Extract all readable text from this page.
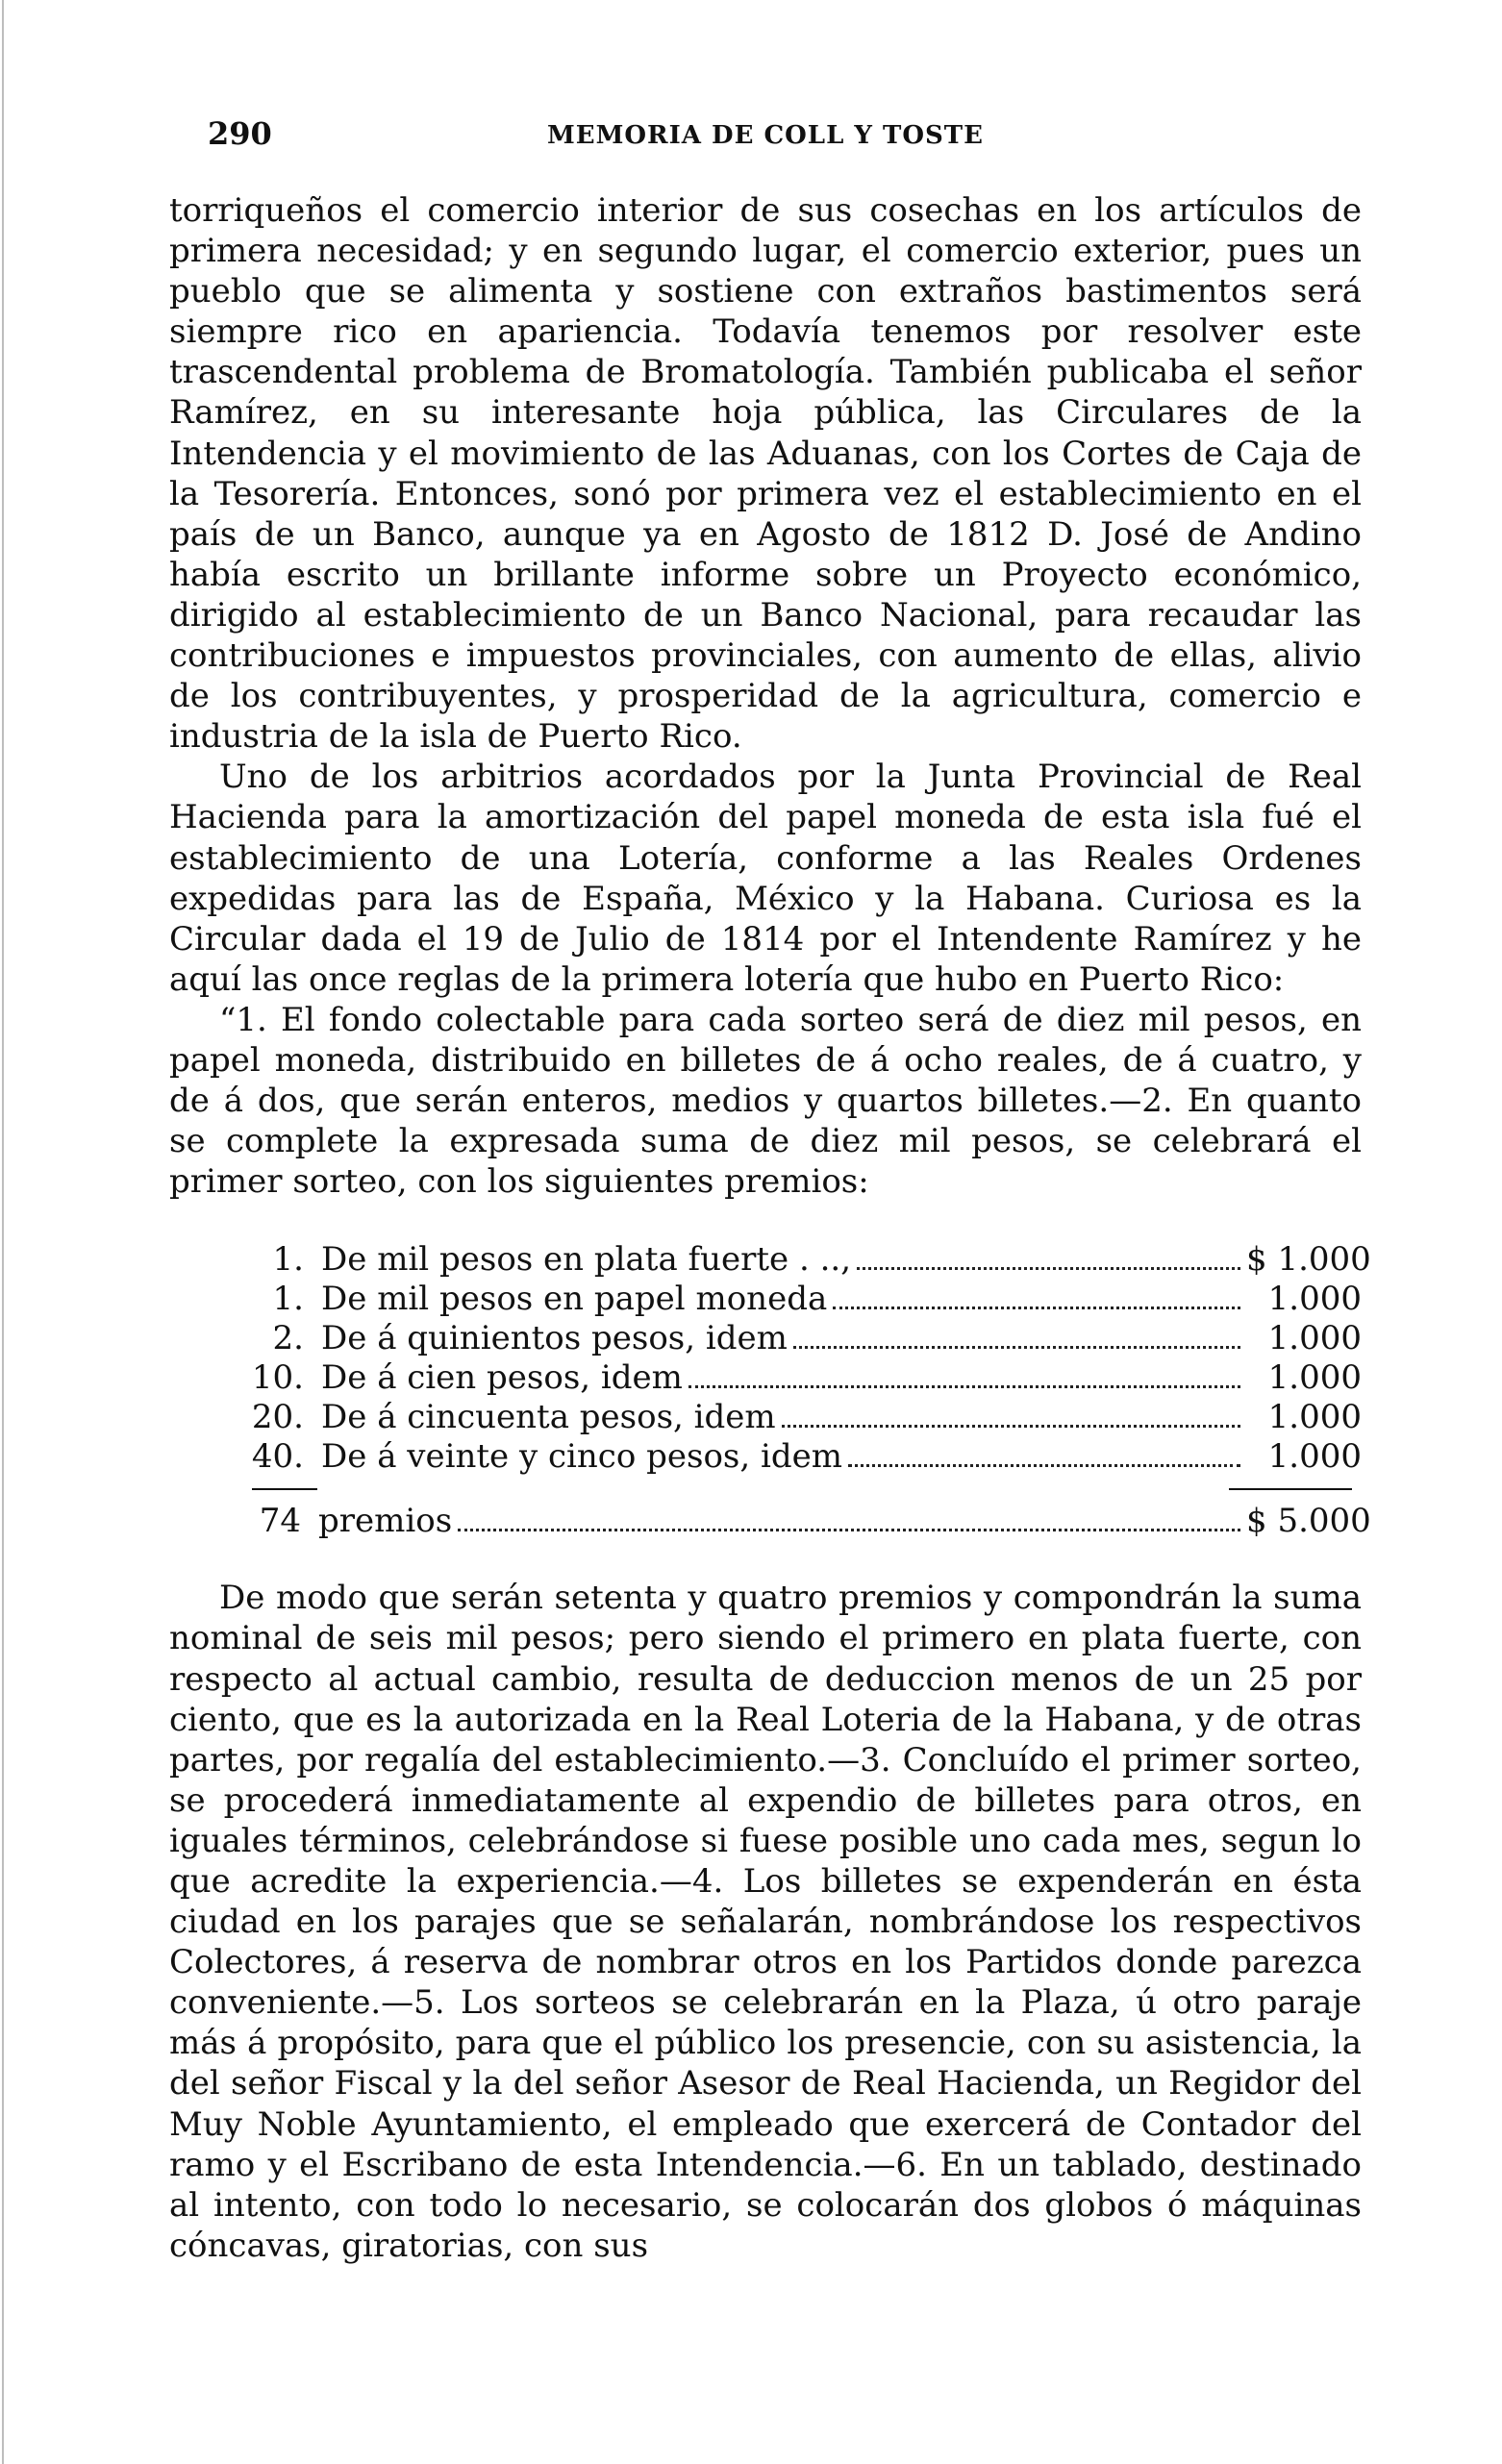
290	MEMORIA DE COLL Y TOSTE

torriqueños el comercio interior de sus cosechas en los artículos de primera necesidad; y en segundo lugar, el comercio exterior, pues un pueblo que se alimenta y sostiene con extraños bastimentos será siempre rico en apariencia. Todavía tenemos por resolver este trascendental problema de Bromatología. También publicaba el señor Ramírez, en su interesante hoja pública, las Circulares de la Intendencia y el movimiento de las Aduanas, con los Cortes de Caja de la Tesorería. Entonces, sonó por primera vez el establecimiento en el país de un Banco, aunque ya en Agosto de 1812 D. José de Andino había escrito un brillante informe sobre un Proyecto económico, dirigido al establecimiento de un Banco Nacional, para recaudar las contribuciones e impuestos provinciales, con aumento de ellas, alivio de los contribuyentes, y prosperidad de la agricultura, comercio e industria de la isla de Puerto Rico.

Uno de los arbitrios acordados por la Junta Provincial de Real Hacienda para la amortización del papel moneda de esta isla fué el establecimiento de una Lotería, conforme a las Reales Ordenes expedidas para las de España, México y la Habana. Curiosa es la Circular dada el 19 de Julio de 1814 por el Intendente Ramírez y he aquí las once reglas de la primera lotería que hubo en Puerto Rico:

“1. El fondo colectable para cada sorteo será de diez mil pesos, en papel moneda, distribuido en billetes de á ocho reales, de á cuatro, y de á dos, que serán enteros, medios y quartos billetes.—2. En quanto se complete la expresada suma de diez mil pesos, se celebrará el primer sorteo, con los siguientes premios:

1. De mil pesos en plata fuerte . ..,	$ 1.000
1. De mil pesos en papel moneda	1.000
2. De á quinientos pesos, idem	1.000
10. De á cien pesos, idem	1.000
20. De á cincuenta pesos, idem	1.000
40. De á veinte y cinco pesos, idem	1.000
74 premios	$ 5.000

De modo que serán setenta y quatro premios y compondrán la suma nominal de seis mil pesos; pero siendo el primero en plata fuerte, con respecto al actual cambio, resulta de deduccion menos de un 25 por ciento, que es la autorizada en la Real Loteria de la Habana, y de otras partes, por regalía del establecimiento.—3. Concluído el primer sorteo, se procederá inmediatamente al expendio de billetes para otros, en iguales términos, celebrándose si fuese posible uno cada mes, segun lo que acredite la experiencia.—4. Los billetes se expenderán en ésta ciudad en los parajes que se señalarán, nombrándose los respectivos Colectores, á reserva de nombrar otros en los Partidos donde parezca conveniente.—5. Los sorteos se celebrarán en la Plaza, ú otro paraje más á propósito, para que el público los presencie, con su asistencia, la del señor Fiscal y la del señor Asesor de Real Hacienda, un Regidor del Muy Noble Ayuntamiento, el empleado que exercerá de Contador del ramo y el Escribano de esta Intendencia.—6. En un tablado, destinado al intento, con todo lo necesario, se colocarán dos globos ó máquinas cóncavas, giratorias, con sus
